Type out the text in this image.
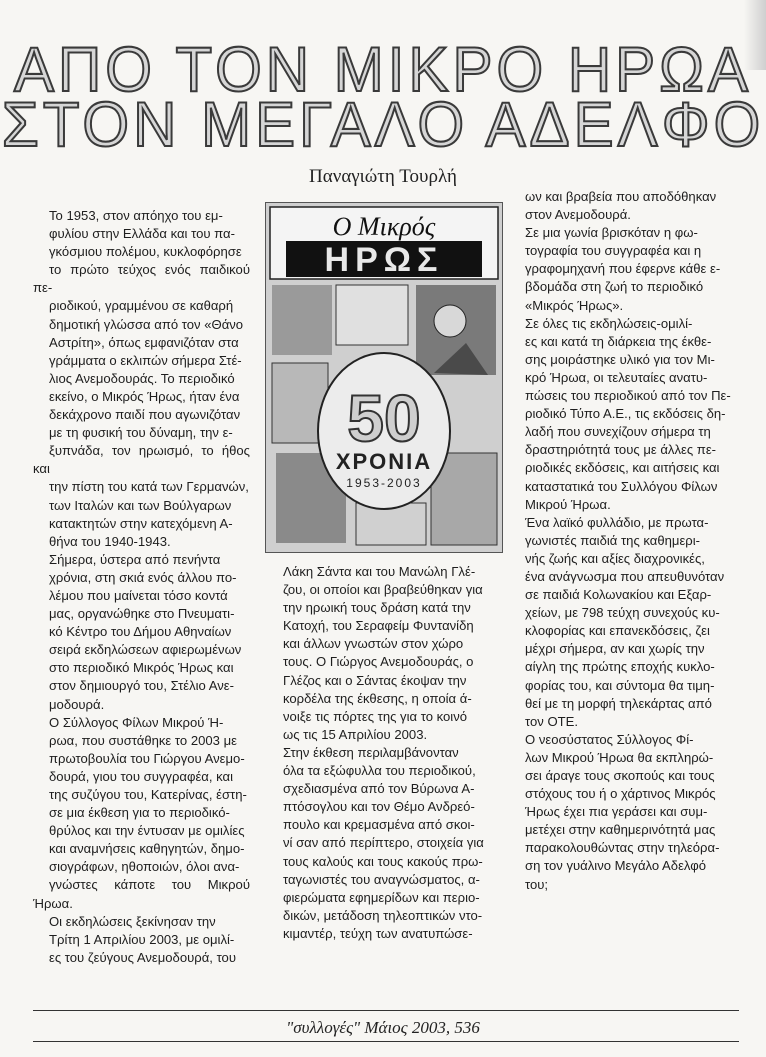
ΑΠΟ ΤΟΝ ΜΙΚΡΟ ΗΡΩΑ
ΣΤΟΝ ΜΕΓΑΛΟ ΑΔΕΛΦΟ
Παναγιώτη Τουρλή
Ο Μικρός
ΗΡΩΣ
50
ΧΡΟΝΙΑ
1953-2003

Το 1953, στον απόηχο του εμ-
φυλίου στην Ελλάδα και του πα-
γκόσμιου πολέμου, κυκλοφόρησε
το πρώτο τεύχος ενός παιδικού πε-
ριοδικού, γραμμένου σε καθαρή
δημοτική γλώσσα από τον «Θάνο
Αστρίτη», όπως εμφανιζόταν στα
γράμματα ο εκλιπών σήμερα Στέ-
λιος Ανεμοδουράς. Το περιοδικό
εκείνο, ο Μικρός Ήρως, ήταν ένα
δεκάχρονο παιδί που αγωνιζόταν
με τη φυσική του δύναμη, την ε-
ξυπνάδα, τον ηρωισμό, το ήθος και
την πίστη του κατά των Γερμανών,
των Ιταλών και των Βούλγαρων
κατακτητών στην κατεχόμενη Α-
θήνα του 1940-1943.

Σήμερα, ύστερα από πενήντα
χρόνια, στη σκιά ενός άλλου πο-
λέμου που μαίνεται τόσο κοντά
μας, οργανώθηκε στο Πνευματι-
κό Κέντρο του Δήμου Αθηναίων
σειρά εκδηλώσεων αφιερωμένων
στο περιοδικό Μικρός Ήρως και
στον δημιουργό του, Στέλιο Ανε-
μοδουρά.

Ο Σύλλογος Φίλων Μικρού Ή-
ρωα, που συστάθηκε το 2003 με
πρωτοβουλία του Γιώργου Ανεμο-
δουρά, γιου του συγγραφέα, και
της συζύγου του, Κατερίνας, έστη-
σε μια έκθεση για το περιοδικό-
θρύλος και την έντυσαν με ομιλίες
και αναμνήσεις καθηγητών, δημο-
σιογράφων, ηθοποιών, όλοι ανα-
γνώστες κάποτε του Μικρού Ήρωα.

Οι εκδηλώσεις ξεκίνησαν την
Τρίτη 1 Απριλίου 2003, με ομιλί-
ες του ζεύγους Ανεμοδουρά, του

Λάκη Σάντα και του Μανώλη Γλέ-
ζου, οι οποίοι και βραβεύθηκαν για
την ηρωική τους δράση κατά την
Κατοχή, του Σεραφείμ Φυντανίδη
και άλλων γνωστών στον χώρο
τους. Ο Γιώργος Ανεμοδουράς, ο
Γλέζος και ο Σάντας έκοψαν την
κορδέλα της έκθεσης, η οποία ά-
νοιξε τις πόρτες της για το κοινό
ως τις 15 Απριλίου 2003.

Στην έκθεση περιλαμβάνονταν
όλα τα εξώφυλλα του περιοδικού,
σχεδιασμένα από τον Βύρωνα Α-
πτόσογλου και τον Θέμο Ανδρεό-
πουλο και κρεμασμένα από σκοι-
νί σαν από περίπτερο, στοιχεία για
τους καλούς και τους κακούς πρω-
ταγωνιστές του αναγνώσματος, α-
φιερώματα εφημερίδων και περιο-
δικών, μετάδοση τηλεοπτικών ντο-
κιμαντέρ, τεύχη των ανατυπώσε-

ων και βραβεία που αποδόθηκαν
στον Ανεμοδουρά.

Σε μια γωνία βρισκόταν η φω-
τογραφία του συγγραφέα και η
γραφομηχανή που έφερνε κάθε ε-
βδομάδα στη ζωή το περιοδικό
«Μικρός Ήρως».

Σε όλες τις εκδηλώσεις-ομιλί-
ες και κατά τη διάρκεια της έκθε-
σης μοιράστηκε υλικό για τον Μι-
κρό Ήρωα, οι τελευταίες ανατυ-
πώσεις του περιοδικού από τον Πε-
ριοδικό Τύπο Α.Ε., τις εκδόσεις δη-
λαδή που συνεχίζουν σήμερα τη
δραστηριότητά τους με άλλες πε-
ριοδικές εκδόσεις, και αιτήσεις και
καταστατικά του Συλλόγου Φίλων
Μικρού Ήρωα.

Ένα λαϊκό φυλλάδιο, με πρωτα-
γωνιστές παιδιά της καθημερι-
νής ζωής και αξίες διαχρονικές,
ένα ανάγνωσμα που απευθυνόταν
σε παιδιά Κολωνακίου και Εξαρ-
χείων, με 798 τεύχη συνεχούς κυ-
κλοφορίας και επανεκδόσεις, ζει
μέχρι σήμερα, αν και χωρίς την
αίγλη της πρώτης εποχής κυκλο-
φορίας του, και σύντομα θα τιμη-
θεί με τη μορφή τηλεκάρτας από
τον ΟΤΕ.

Ο νεοσύστατος Σύλλογος Φί-
λων Μικρού Ήρωα θα εκπληρώ-
σει άραγε τους σκοπούς και τους
στόχους του ή ο χάρτινος Μικρός
Ήρως έχει πια γεράσει και συμ-
μετέχει στην καθημερινότητά μας
παρακολουθώντας στην τηλεόρα-
ση τον γυάλινο Μεγάλο Αδελφό
του;

"συλλογές" Μάιος 2003, 536
